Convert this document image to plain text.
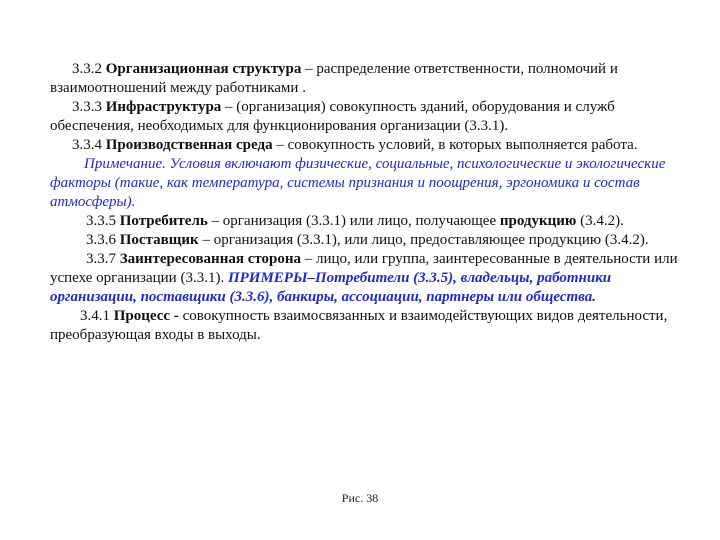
3.3.2 Организационная структура – распределение ответственности, полномочий и взаимоотношений между работниками .

3.3.3 Инфраструктура – (организация) совокупность зданий, оборудования и служб обеспечения, необходимых для функционирования организации (3.3.1).

3.3.4 Производственная среда – совокупность условий, в которых выполняется работа.

Примечание. Условия включают физические, социальные, психологические и экологические факторы (такие, как температура, системы признания и поощрения, эргономика и состав атмосферы).

3.3.5 Потребитель – организация (3.3.1) или лицо, получающее продукцию (3.4.2).

3.3.6 Поставщик – организация (3.3.1), или лицо, предоставляющее продукцию (3.4.2).

3.3.7 Заинтересованная сторона – лицо, или группа, заинтересованные в деятельности или успехе организации (3.3.1). ПРИМЕРЫ–Потребители (3.3.5), владельцы, работники организации, поставщики (3.3.6), банкиры, ассоциации, партнеры или общества.

3.4.1 Процесс - совокупность взаимосвязанных и взаимодействующих видов деятельности, преобразующая входы в выходы.

Рис. 38
